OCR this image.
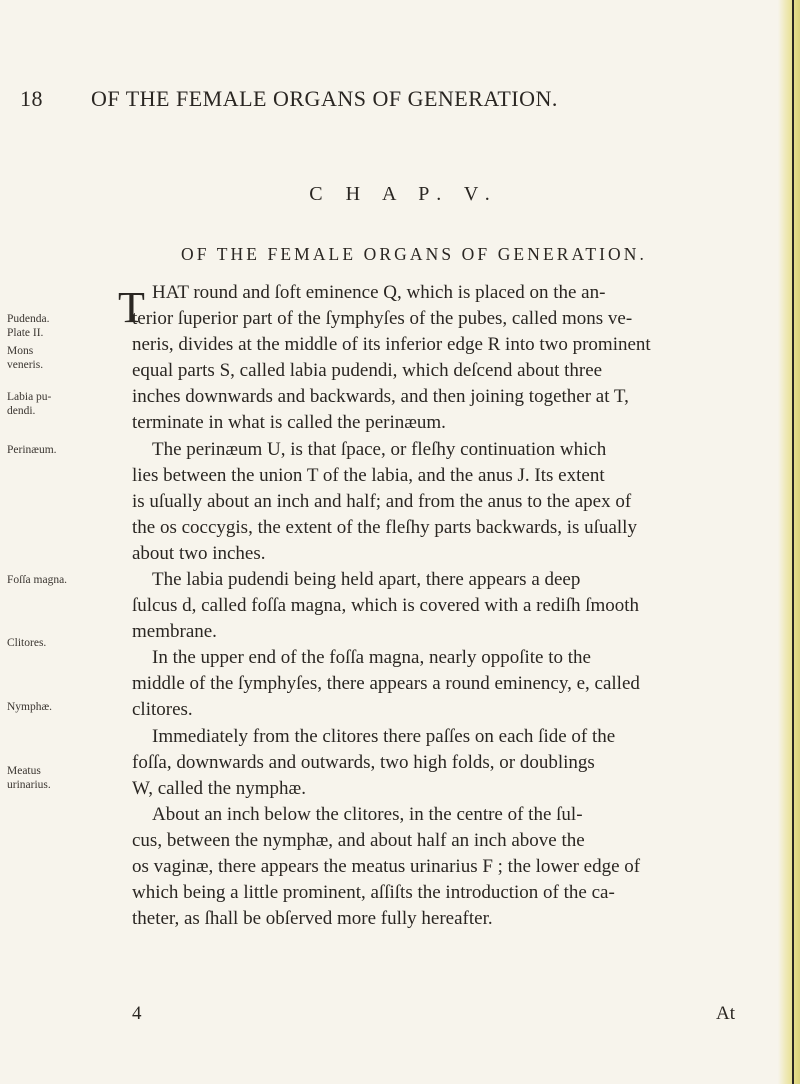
18 OF THE FEMALE ORGANS OF GENERATION.
C H A P. V.
OF THE FEMALE ORGANS OF GENERATION.
Pudenda.
Plate II.
Mons
veneris.
Labia pu-
dendi.
Perinæum.
Foſſa magna.
Clitores.
Nymphæ.
Meatus
urinarius.
T HAT round and ſoft eminence Q, which is placed on the an-
terior ſuperior part of the ſymphyſes of the pubes, called mons ve-
neris, divides at the middle of its inferior edge R into two prominent
equal parts S, called labia pudendi, which deſcend about three
inches downwards and backwards, and then joining together at T,
terminate in what is called the perinæum.
The perinæum U, is that ſpace, or fleſhy continuation which
lies between the union T of the labia, and the anus J. Its extent
is uſually about an inch and half; and from the anus to the apex of
the os coccygis, the extent of the fleſhy parts backwards, is uſually
about two inches.
The labia pudendi being held apart, there appears a deep
ſulcus d, called foſſa magna, which is covered with a rediſh ſmooth
membrane.
In the upper end of the foſſa magna, nearly oppoſite to the
middle of the ſymphyſes, there appears a round eminency, e, called
clitores.
Immediately from the clitores there paſſes on each ſide of the
foſſa, downwards and outwards, two high folds, or doublings
W, called the nymphæ.
About an inch below the clitores, in the centre of the ſul-
cus, between the nymphæ, and about half an inch above the
os vaginæ, there appears the meatus urinarius F ; the lower edge of
which being a little prominent, aſſiſts the introduction of the ca-
theter, as ſhall be obſerved more fully hereafter.
4	At
